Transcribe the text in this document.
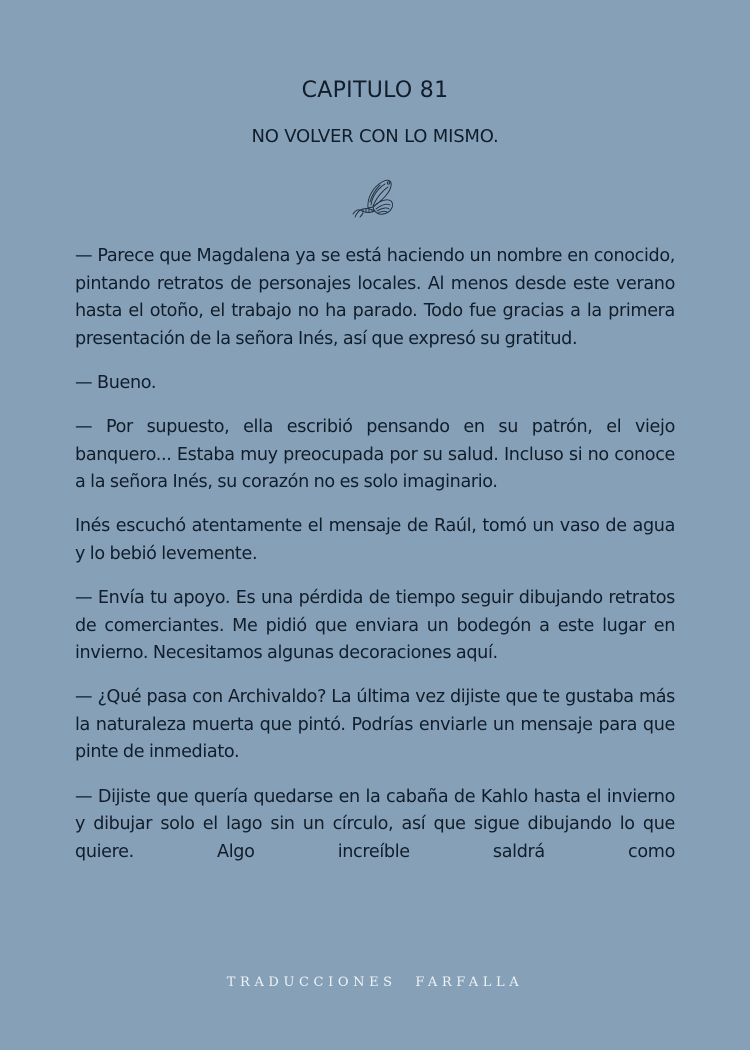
CAPITULO 81
NO VOLVER CON LO MISMO.

— Parece que Magdalena ya se está haciendo un nombre en conocido, pintando retratos de personajes locales. Al menos desde este verano hasta el otoño, el trabajo no ha parado. Todo fue gracias a la primera presentación de la señora Inés, así que expresó su gratitud.

— Bueno.

— Por supuesto, ella escribió pensando en su patrón, el viejo banquero... Estaba muy preocupada por su salud. Incluso si no conoce a la señora Inés, su corazón no es solo imaginario.

Inés escuchó atentamente el mensaje de Raúl, tomó un vaso de agua y lo bebió levemente.

— Envía tu apoyo. Es una pérdida de tiempo seguir dibujando retratos de comerciantes. Me pidió que enviara un bodegón a este lugar en invierno. Necesitamos algunas decoraciones aquí.

— ¿Qué pasa con Archivaldo? La última vez dijiste que te gustaba más la naturaleza muerta que pintó. Podrías enviarle un mensaje para que pinte de inmediato.

— Dijiste que quería quedarse en la cabaña de Kahlo hasta el invierno y dibujar solo el lago sin un círculo, así que sigue dibujando lo que quiere. Algo increíble saldrá como

TRADUCCIONES FARFALLA
